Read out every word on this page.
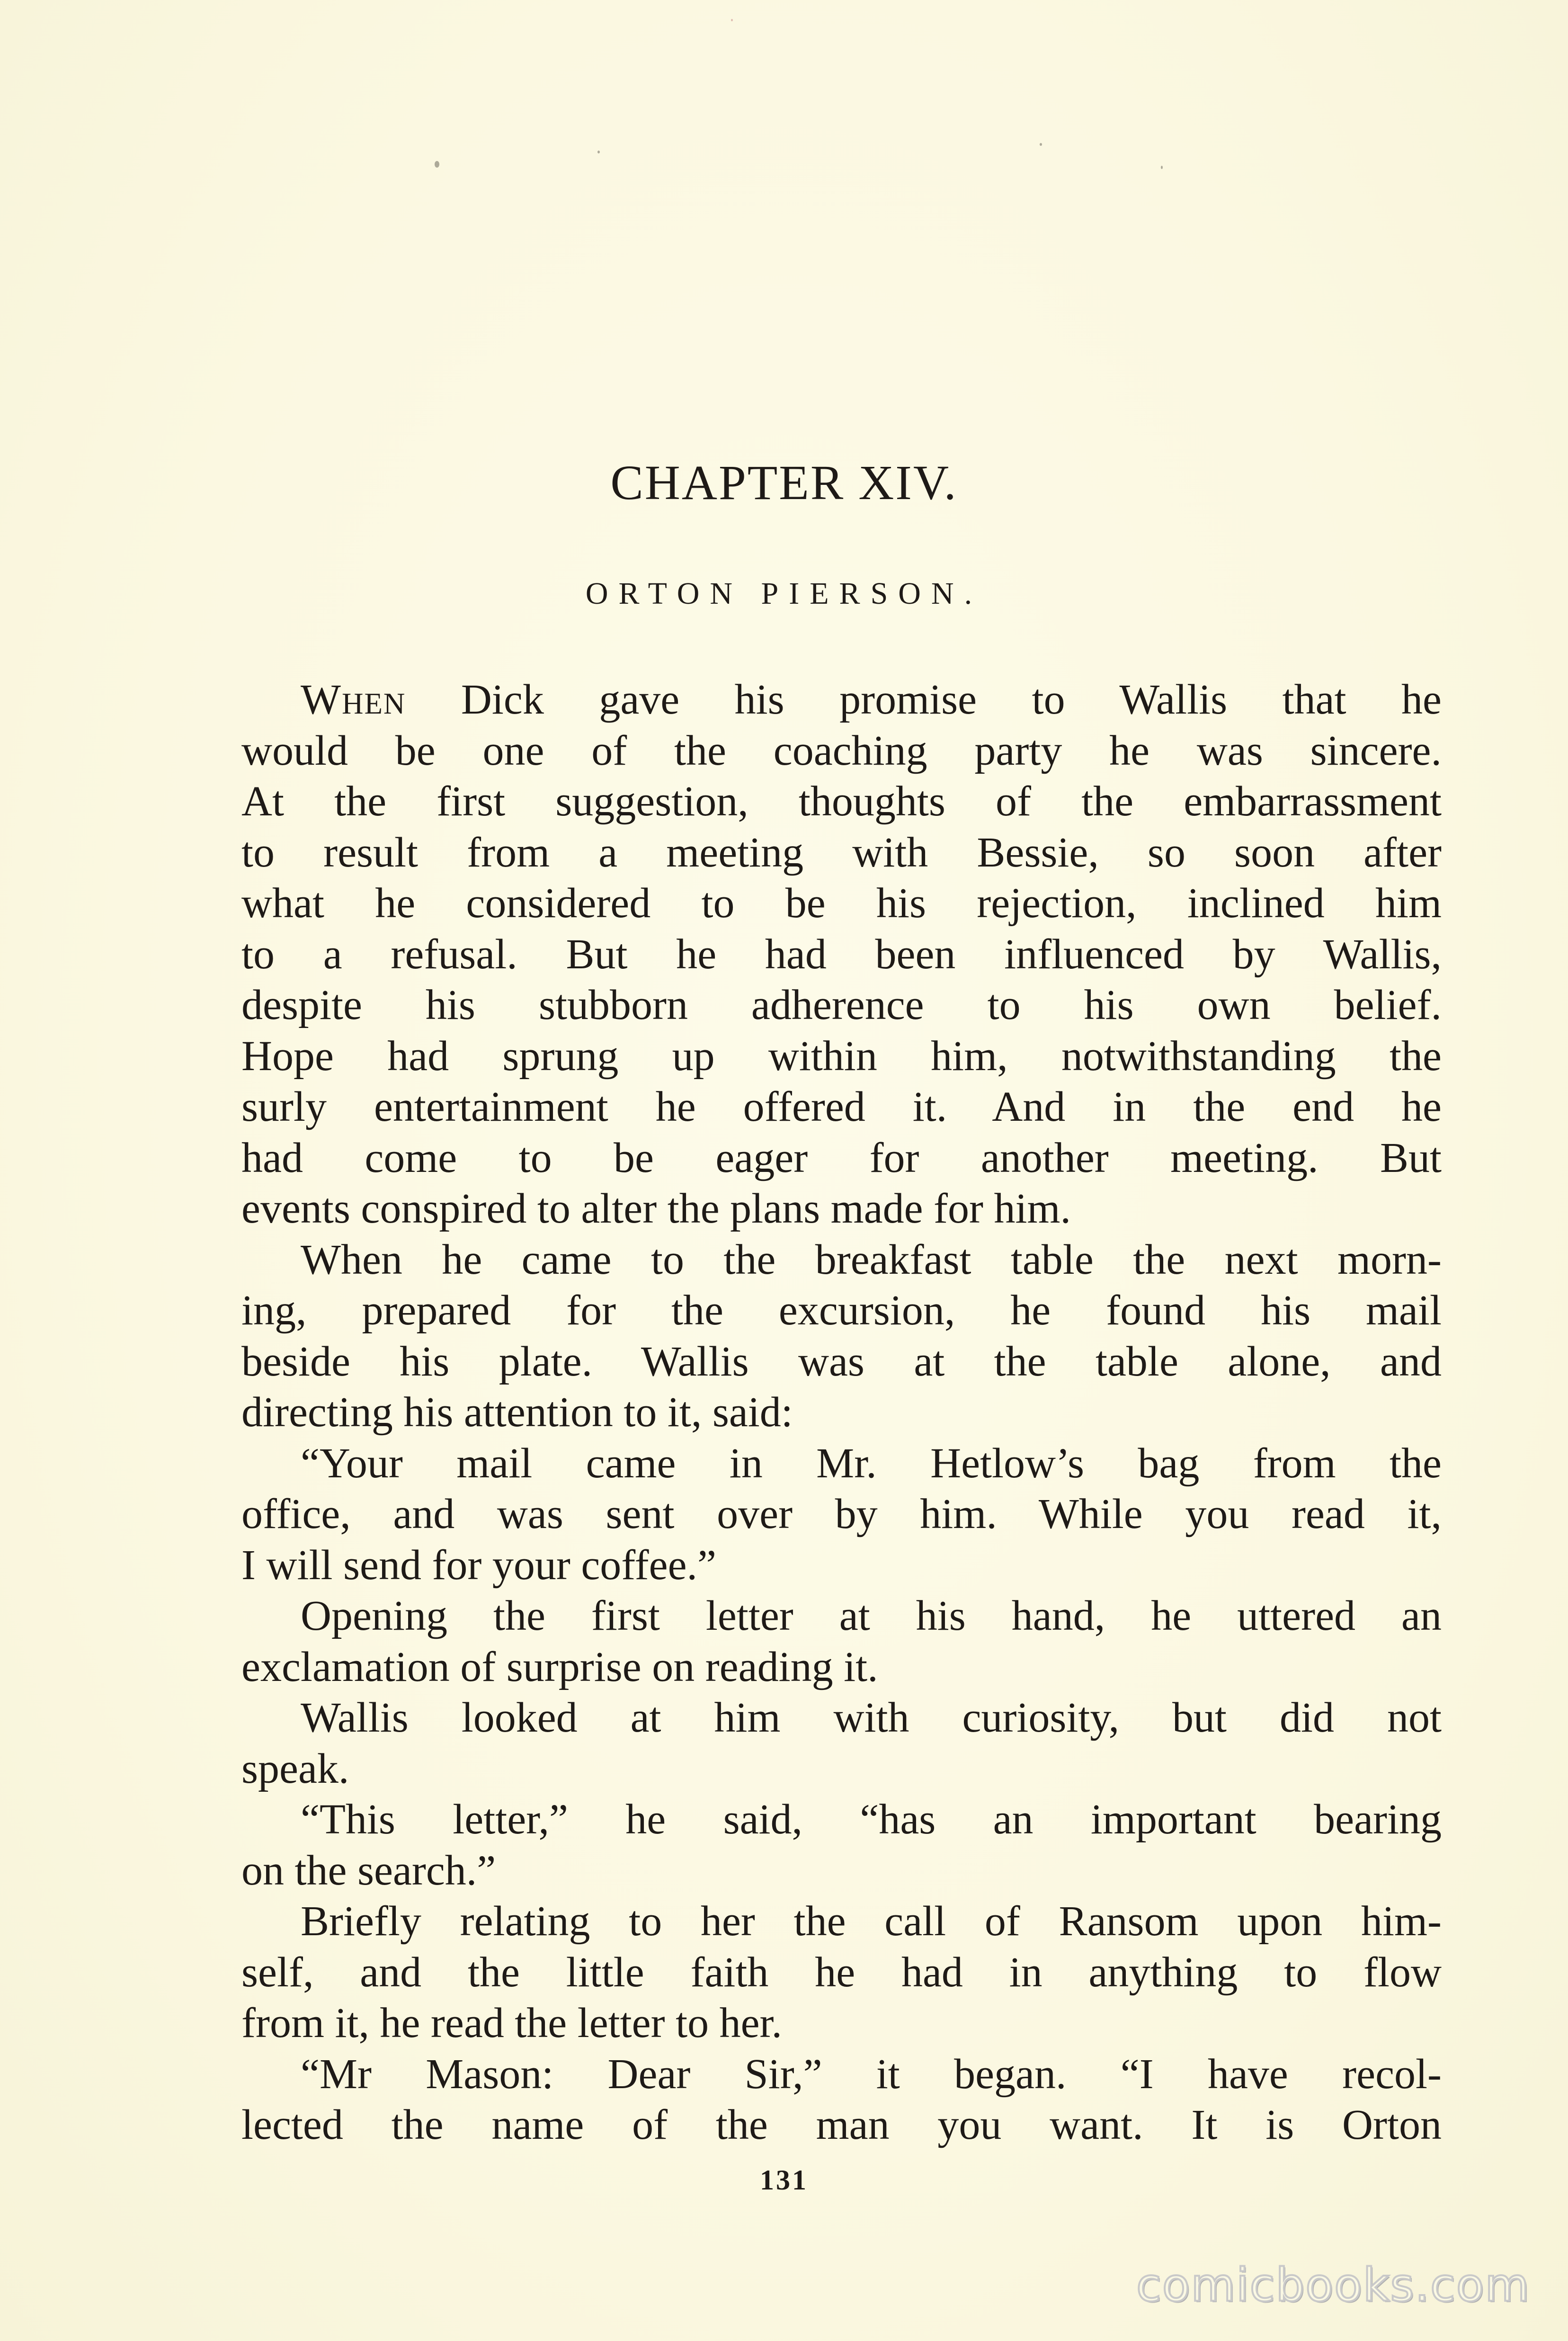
CHAPTER XIV.
ORTON PIERSON.
When Dick gave his promise to Wallis that he
would be one of the coaching party he was sincere.
At the first suggestion, thoughts of the embarrassment
to result from a meeting with Bessie, so soon after
what he considered to be his rejection, inclined him
to a refusal. But he had been influenced by Wallis,
despite his stubborn adherence to his own belief.
Hope had sprung up within him, notwithstanding the
surly entertainment he offered it. And in the end he
had come to be eager for another meeting. But
events conspired to alter the plans made for him.
When he came to the breakfast table the next morn-
ing, prepared for the excursion, he found his mail
beside his plate. Wallis was at the table alone, and
directing his attention to it, said:
“Your mail came in Mr. Hetlow’s bag from the
office, and was sent over by him. While you read it,
I will send for your coffee.”
Opening the first letter at his hand, he uttered an
exclamation of surprise on reading it.
Wallis looked at him with curiosity, but did not
speak.
“This letter,” he said, “has an important bearing
on the search.”
Briefly relating to her the call of Ransom upon him-
self, and the little faith he had in anything to flow
from it, he read the letter to her.
“Mr Mason: Dear Sir,” it began. “I have recol-
lected the name of the man you want. It is Orton
131
comicbooks.com
